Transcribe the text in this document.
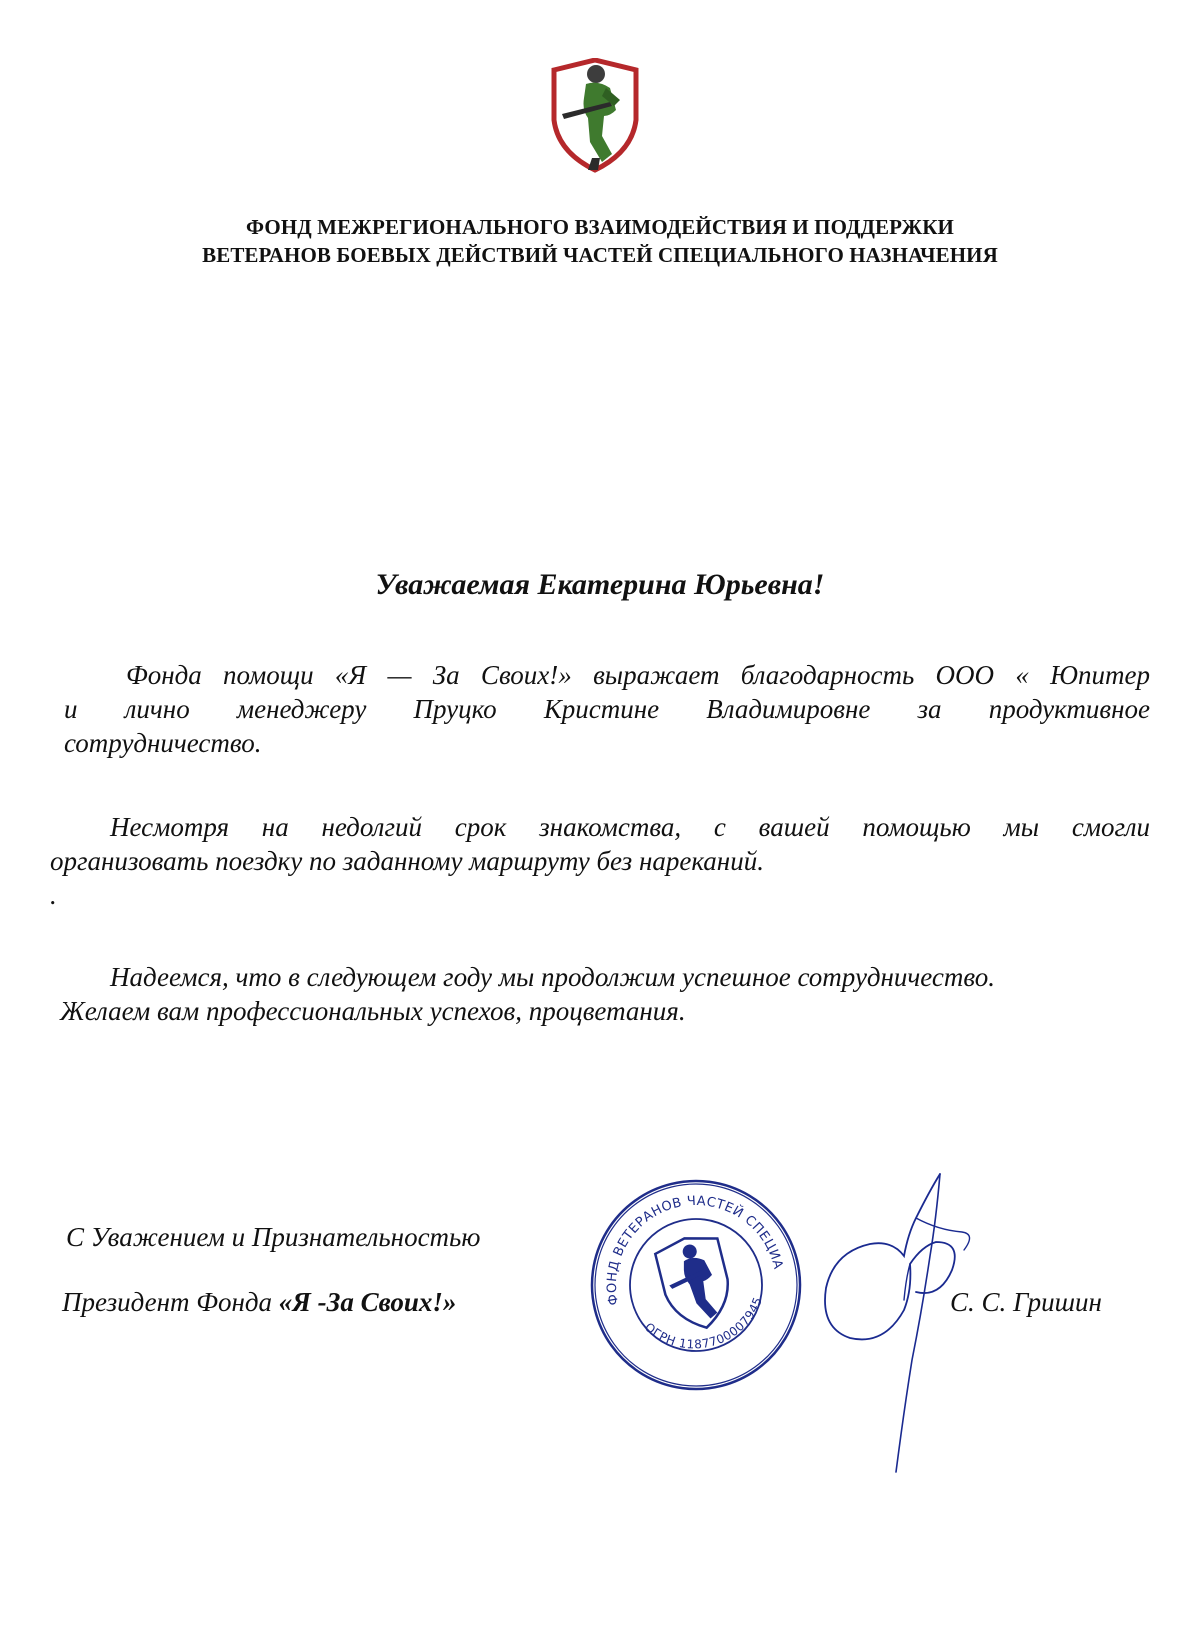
ФОНД МЕЖРЕГИОНАЛЬНОГО ВЗАИМОДЕЙСТВИЯ И ПОДДЕРЖКИ
ВЕТЕРАНОВ БОЕВЫХ ДЕЙСТВИЙ ЧАСТЕЙ СПЕЦИАЛЬНОГО НАЗНАЧЕНИЯ
Уважаемая Екатерина Юрьевна!
Фонда помощи «Я — За Своих!» выражает благодарность ООО « Юпитер
и лично менеджеру Пруцко Кристине Владимировне за продуктивное
сотрудничество.
Несмотря на недолгий срок знакомства, с вашей помощью мы смогли
организовать поездку по заданному маршруту без нареканий.
.
Надеемся, что в следующем году мы продолжим успешное сотрудничество.
Желаем вам профессиональных успехов, процветания.
С Уважением и Признательностью
Президент Фонда «Я -За Своих!»	С. С. Гришин
ФОНД ВЕТЕРАНОВ ЧАСТЕЙ СПЕЦИАЛЬНОГО
ОГРН 1187700007945
